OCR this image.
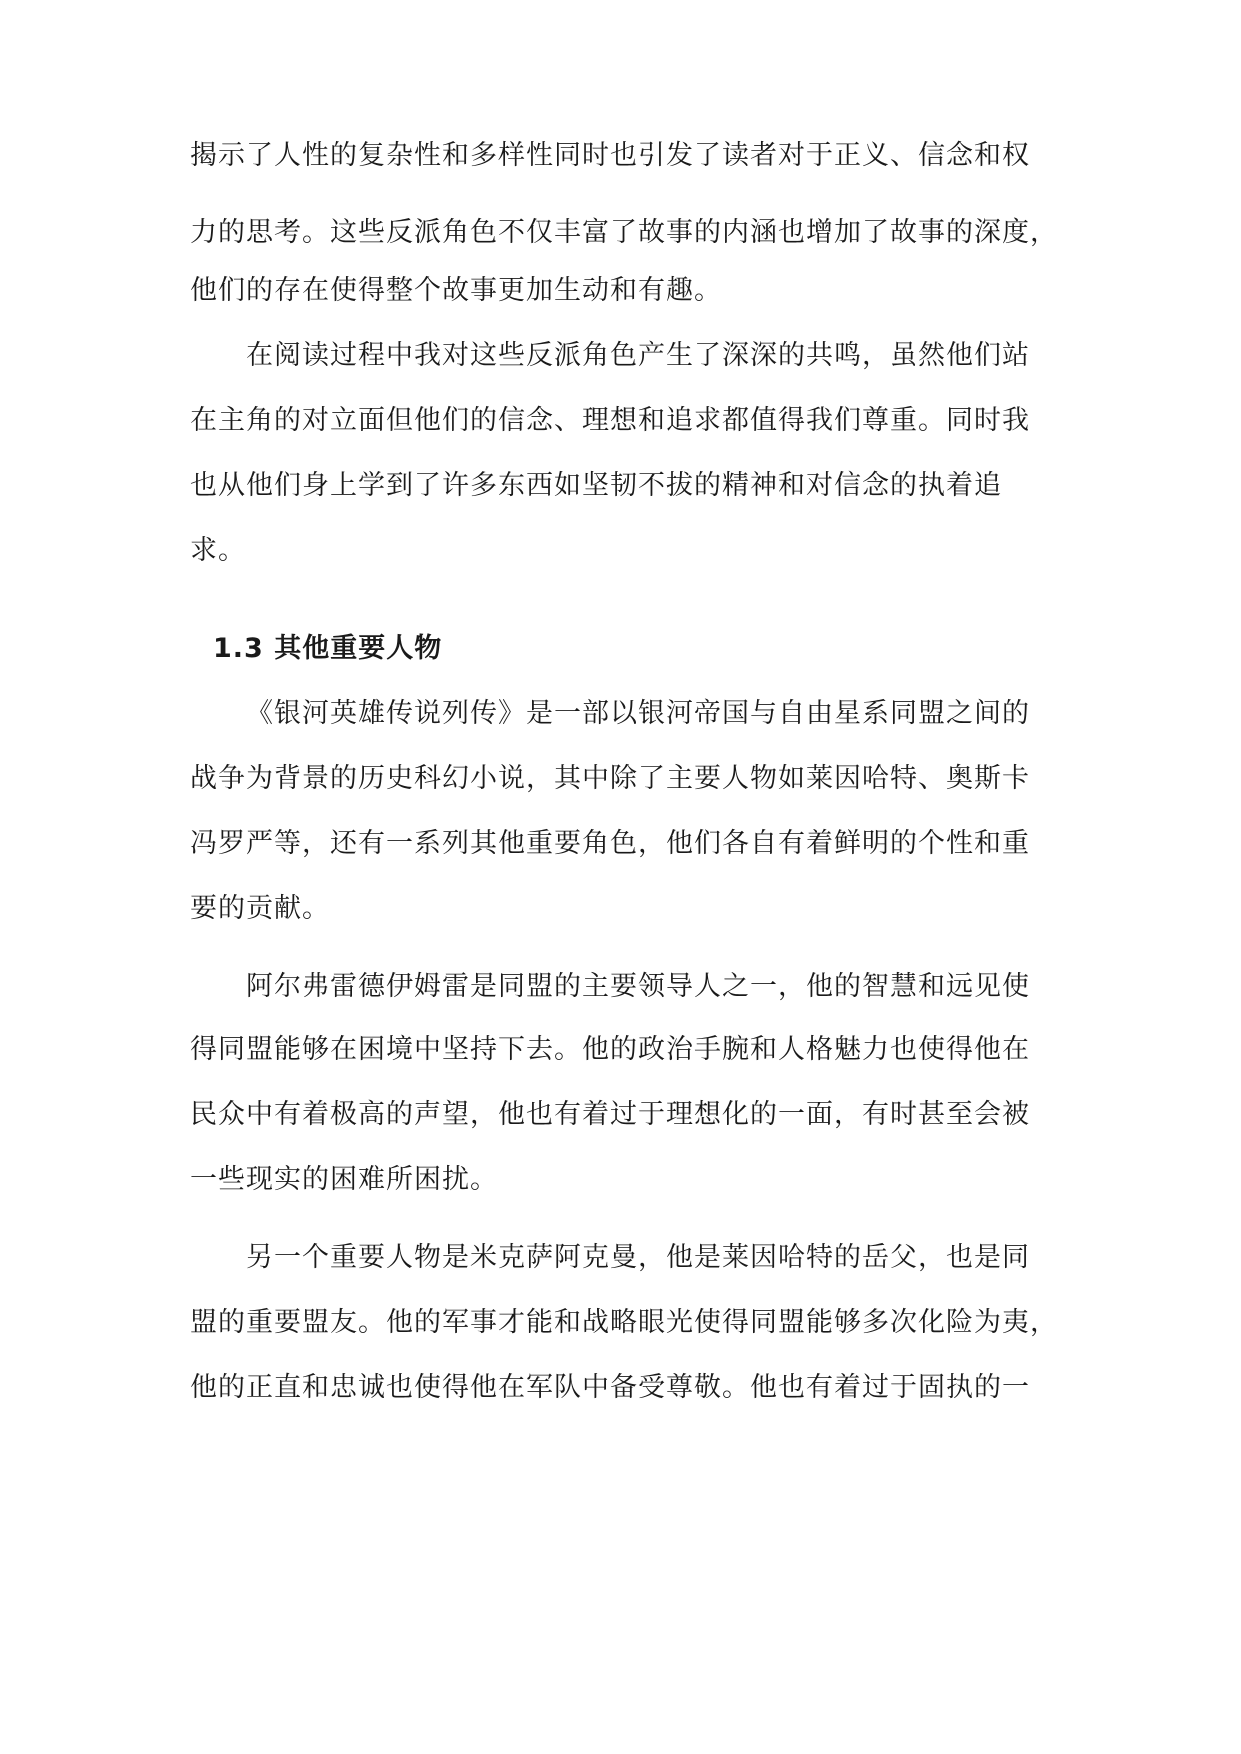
揭示了人性的复杂性和多样性同时也引发了读者对于正义、信念和权
力的思考。这些反派角色不仅丰富了故事的内涵也增加了故事的深度，
他们的存在使得整个故事更加生动和有趣。
在阅读过程中我对这些反派角色产生了深深的共鸣，虽然他们站
在主角的对立面但他们的信念、理想和追求都值得我们尊重。同时我
也从他们身上学到了许多东西如坚韧不拔的精神和对信念的执着追
求。
1.3 其他重要人物
《银河英雄传说列传》是一部以银河帝国与自由星系同盟之间的
战争为背景的历史科幻小说，其中除了主要人物如莱因哈特、奥斯卡
冯罗严等，还有一系列其他重要角色，他们各自有着鲜明的个性和重
要的贡献。
阿尔弗雷德伊姆雷是同盟的主要领导人之一，他的智慧和远见使
得同盟能够在困境中坚持下去。他的政治手腕和人格魅力也使得他在
民众中有着极高的声望，他也有着过于理想化的一面，有时甚至会被
一些现实的困难所困扰。
另一个重要人物是米克萨阿克曼，他是莱因哈特的岳父，也是同
盟的重要盟友。他的军事才能和战略眼光使得同盟能够多次化险为夷，
他的正直和忠诚也使得他在军队中备受尊敬。他也有着过于固执的一
